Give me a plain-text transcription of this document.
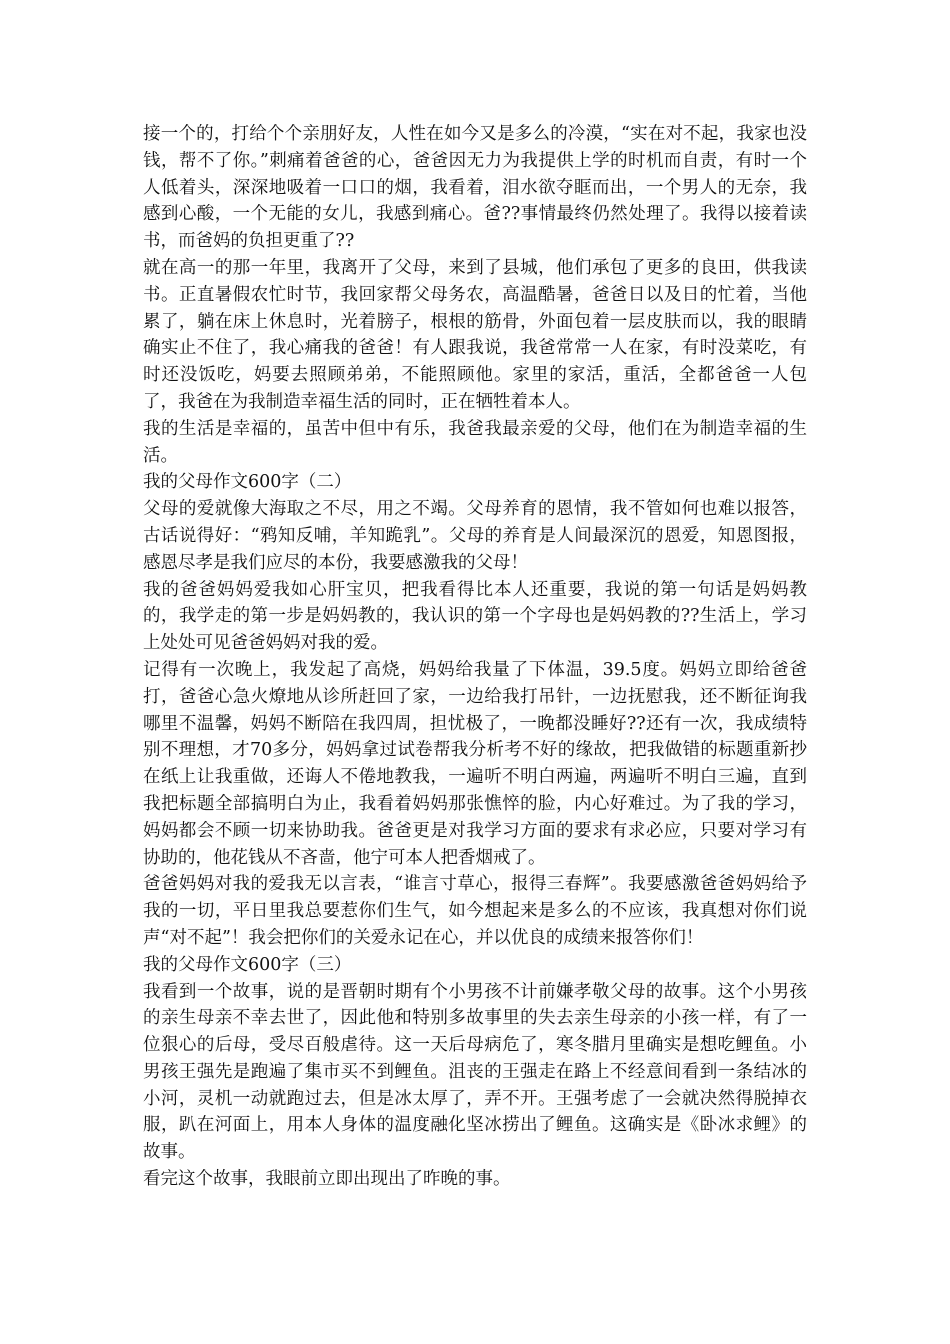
接一个的，打给个个亲朋好友，人性在如今又是多么的冷漠，“实在对不起，我家也没钱，帮不了你。”刺痛着爸爸的心，爸爸因无力为我提供上学的时机而自责，有时一个人低着头，深深地吸着一口口的烟，我看着，泪水欲夺眶而出，一个男人的无奈，我感到心酸，一个无能的女儿，我感到痛心。爸??事情最终仍然处理了。我得以接着读书，而爸妈的负担更重了??

就在高一的那一年里，我离开了父母，来到了县城，他们承包了更多的良田，供我读书。正直暑假农忙时节，我回家帮父母务农，高温酷暑，爸爸日以及日的忙着，当他累了，躺在床上休息时，光着膀子，根根的筋骨，外面包着一层皮肤而以，我的眼睛确实止不住了，我心痛我的爸爸！有人跟我说，我爸常常一人在家，有时没菜吃，有时还没饭吃，妈要去照顾弟弟，不能照顾他。家里的家活，重活，全都爸爸一人包了，我爸在为我制造幸福生活的同时，正在牺牲着本人。

我的生活是幸福的，虽苦中但中有乐，我爸我最亲爱的父母，他们在为制造幸福的生活。

我的父母作文600字（二）

父母的爱就像大海取之不尽，用之不竭。父母养育的恩情，我不管如何也难以报答，古话说得好：“鸦知反哺，羊知跪乳”。父母的养育是人间最深沉的恩爱，知恩图报，感恩尽孝是我们应尽的本份，我要感激我的父母！

我的爸爸妈妈爱我如心肝宝贝，把我看得比本人还重要，我说的第一句话是妈妈教的，我学走的第一步是妈妈教的，我认识的第一个字母也是妈妈教的??生活上，学习上处处可见爸爸妈妈对我的爱。

记得有一次晚上，我发起了高烧，妈妈给我量了下体温，39.5度。妈妈立即给爸爸打，爸爸心急火燎地从诊所赶回了家，一边给我打吊针，一边抚慰我，还不断征询我哪里不温馨，妈妈不断陪在我四周，担忧极了，一晚都没睡好??还有一次，我成绩特别不理想，才70多分，妈妈拿过试卷帮我分析考不好的缘故，把我做错的标题重新抄在纸上让我重做，还诲人不倦地教我，一遍听不明白两遍，两遍听不明白三遍，直到我把标题全部搞明白为止，我看着妈妈那张憔悴的脸，内心好难过。为了我的学习，妈妈都会不顾一切来协助我。爸爸更是对我学习方面的要求有求必应，只要对学习有协助的，他花钱从不吝啬，他宁可本人把香烟戒了。

爸爸妈妈对我的爱我无以言表，“谁言寸草心，报得三春辉”。我要感激爸爸妈妈给予我的一切，平日里我总要惹你们生气，如今想起来是多么的不应该，我真想对你们说声“对不起”！我会把你们的关爱永记在心，并以优良的成绩来报答你们！

我的父母作文600字（三）

我看到一个故事，说的是晋朝时期有个小男孩不计前嫌孝敬父母的故事。这个小男孩的亲生母亲不幸去世了，因此他和特别多故事里的失去亲生母亲的小孩一样，有了一位狠心的后母，受尽百般虐待。这一天后母病危了，寒冬腊月里确实是想吃鲤鱼。小男孩王强先是跑遍了集市买不到鲤鱼。沮丧的王强走在路上不经意间看到一条结冰的小河，灵机一动就跑过去，但是冰太厚了，弄不开。王强考虑了一会就决然得脱掉衣服，趴在河面上，用本人身体的温度融化坚冰捞出了鲤鱼。这确实是《卧冰求鲤》的故事。

看完这个故事，我眼前立即出现出了昨晚的事。
